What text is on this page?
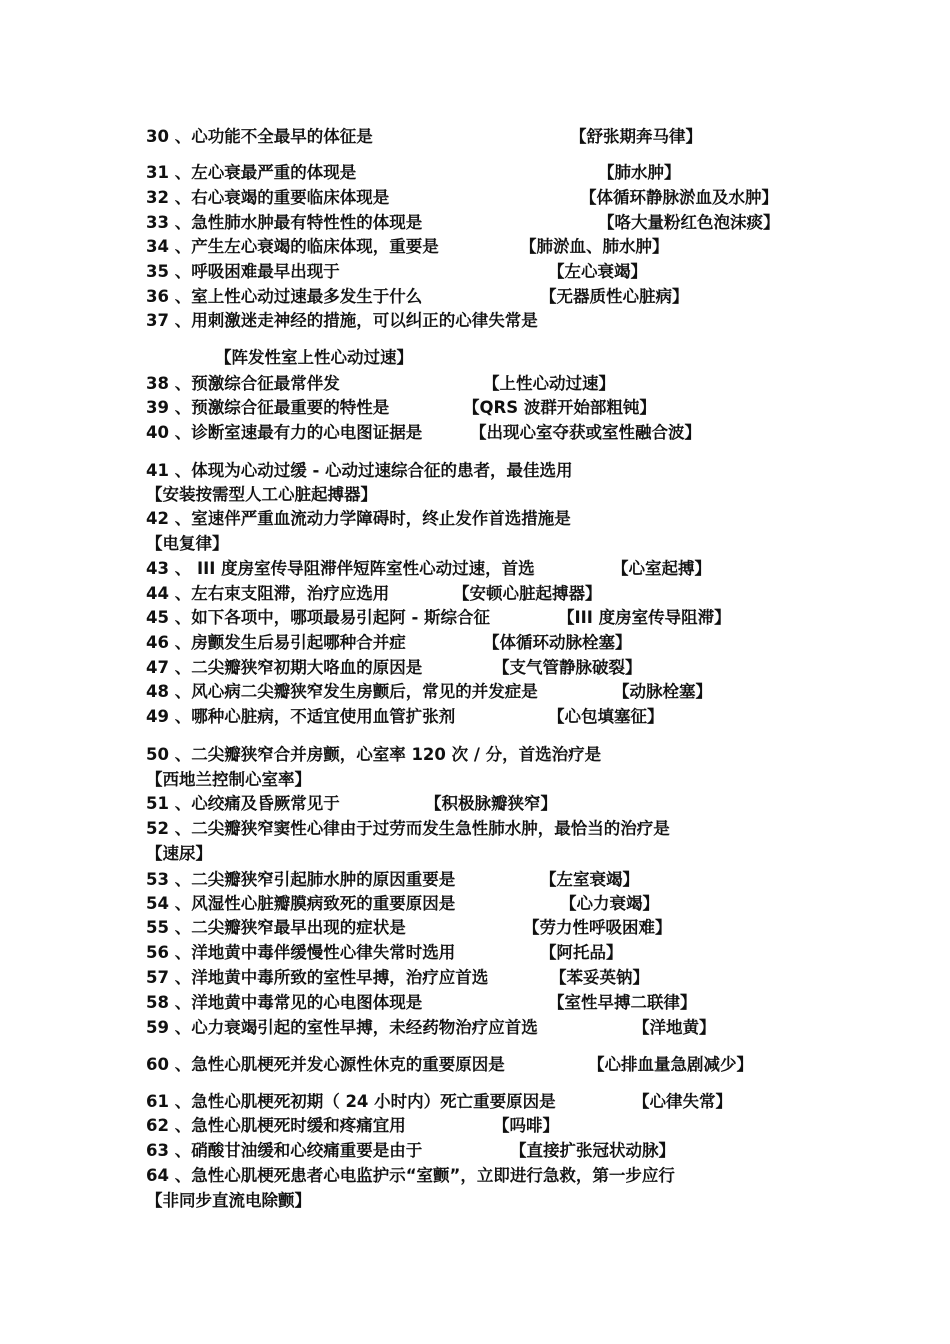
30 、心功能不全最早的体征是	【舒张期奔马律】
31 、左心衰最严重的体现是	【肺水肿】
32 、右心衰竭的重要临床体现是	【体循环静脉淤血及水肿】
33 、急性肺水肿最有特性性的体现是	【咯大量粉红色泡沫痰】
34 、产生左心衰竭的临床体现，重要是	【肺淤血、肺水肿】
35 、呼吸困难最早出现于	【左心衰竭】
36 、室上性心动过速最多发生于什么	【无器质性心脏病】
37 、用刺激迷走神经的措施，可以纠正的心律失常是
【阵发性室上性心动过速】
38 、预激综合征最常伴发	【上性心动过速】
39 、预激综合征最重要的特性是	【QRS 波群开始部粗钝】
40 、诊断室速最有力的心电图证据是	【出现心室夺获或室性融合波】
41 、体现为心动过缓 - 心动过速综合征的患者，最佳选用
【安装按需型人工心脏起搏器】
42 、室速伴严重血流动力学障碍时，终止发作首选措施是
【电复律】
43 、 III 度房室传导阻滞伴短阵室性心动过速，首选	【心室起搏】
44 、左右束支阻滞，治疗应选用	【安顿心脏起搏器】
45 、如下各项中，哪项最易引起阿 - 斯综合征	【III 度房室传导阻滞】
46 、房颤发生后易引起哪种合并症	【体循环动脉栓塞】
47 、二尖瓣狭窄初期大咯血的原因是	【支气管静脉破裂】
48 、风心病二尖瓣狭窄发生房颤后，常见的并发症是	【动脉栓塞】
49 、哪种心脏病，不适宜使用血管扩张剂	【心包填塞征】
50 、二尖瓣狭窄合并房颤，心室率 120 次 / 分，首选治疗是
【西地兰控制心室率】
51 、心绞痛及昏厥常见于	【积极脉瓣狭窄】
52 、二尖瓣狭窄窦性心律由于过劳而发生急性肺水肿，最恰当的治疗是
【速尿】
53 、二尖瓣狭窄引起肺水肿的原因重要是	【左室衰竭】
54 、风湿性心脏瓣膜病致死的重要原因是	【心力衰竭】
55 、二尖瓣狭窄最早出现的症状是	【劳力性呼吸困难】
56 、洋地黄中毒伴缓慢性心律失常时选用	【阿托品】
57 、洋地黄中毒所致的室性早搏，治疗应首选	【苯妥英钠】
58 、洋地黄中毒常见的心电图体现是	【室性早搏二联律】
59 、心力衰竭引起的室性早搏，未经药物治疗应首选	【洋地黄】
60 、急性心肌梗死并发心源性休克的重要原因是	【心排血量急剧减少】
61 、急性心肌梗死初期（ 24 小时内）死亡重要原因是	【心律失常】
62 、急性心肌梗死时缓和疼痛宜用	【吗啡】
63 、硝酸甘油缓和心绞痛重要是由于	【直接扩张冠状动脉】
64 、急性心肌梗死患者心电监护示“室颤”，立即进行急救，第一步应行
【非同步直流电除颤】
